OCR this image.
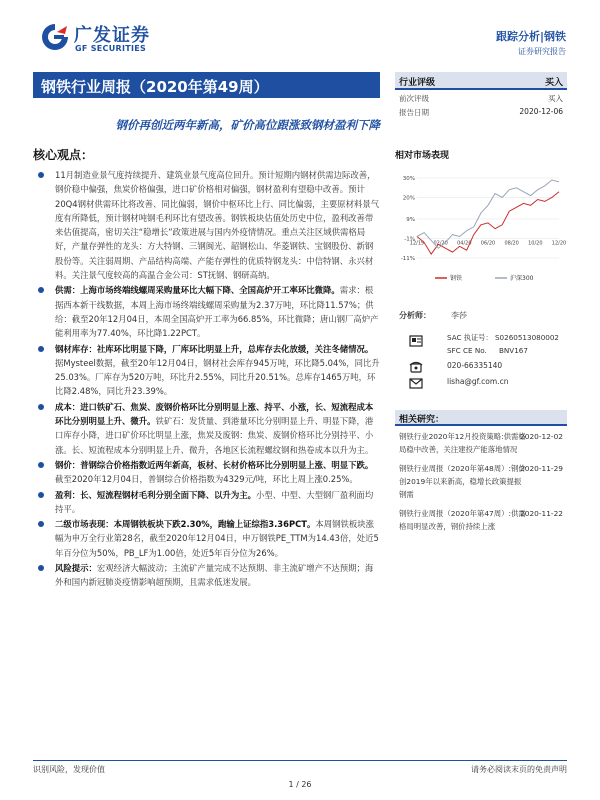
广发证券
GF SECURITIES
跟踪分析|钢铁
证券研究报告
钢铁行业周报（2020年第49周）
钢价再创近两年新高，矿价高位跟涨致钢材盈利下降
核心观点：
11月制造业景气度持续提升、建筑业景气度高位回升。预计短期内钢材供需边际改善，钢价稳中偏强，焦炭价格偏强，进口矿价格相对偏强，钢材盈利有望稳中改善。预计20Q4钢材供需环比将改善、同比偏弱，钢价中枢环比上行、同比偏弱，主要原材料景气度有所降低，预计钢材吨钢毛利环比有望改善。钢铁板块估值处历史中位，盈利改善带来估值提高，密切关注“稳增长”政策进展与国内外疫情情况。重点关注区域供需格局好，产量存弹性的龙头：方大特钢、三钢闽光、韶钢松山、华菱钢铁、宝钢股份、新钢股份等。关注弱周期、产品结构高端、产能存弹性的优质特钢龙头：中信特钢、永兴材料。关注景气度较高的高温合金公司：ST抚钢、钢研高纳。
供需：上海市场终端线螺周采购量环比大幅下降、全国高炉开工率环比微降。需求：根据西本新干线数据，本周上海市场终端线螺周采购量为2.37万吨，环比降11.57%；供给：截至20年12月04日，本周全国高炉开工率为66.85%，环比微降；唐山钢厂高炉产能利用率为77.40%，环比降1.22PCT。
钢材库存：社库环比明显下降，厂库环比明显上升，总库存去化放缓，关注冬储情况。据Mysteel数据，截至20年12月04日，钢材社会库存945万吨，环比降5.04%，同比升25.03%。厂库存为520万吨，环比升2.55%，同比升20.51%。总库存1465万吨，环比降2.48%，同比升23.39%。
成本：进口铁矿石、焦炭、废钢价格环比分别明显上涨、持平、小涨，长、短流程成本环比分别明显上升、微升。铁矿石：发货量、到港量环比分别明显上升、明显下降，港口库存小降，进口矿价环比明显上涨，焦炭及废钢：焦炭、废钢价格环比分别持平、小涨。长、短流程成本分别明显上升、微升，各地区长流程螺纹钢和热卷成本以升为主。
钢价：普钢综合价格指数近两年新高，板材、长材价格环比分别明显上涨、明显下跌。截至2020年12月04日，普钢综合价格指数为4329元/吨，环比上周上涨0.25%。
盈利：长、短流程钢材毛利分别全面下降、以升为主。小型、中型、大型钢厂盈利面均持平。
二级市场表现：本周钢铁板块下跌2.30%，跑输上证综指3.36PCT。本周钢铁板块涨幅为申万全行业第28名，截至2020年12月04日，申万钢铁PE_TTM为14.43倍，处近5年百分位为50%，PB_LF为1.00倍，处近5年百分位为26%。
风险提示：宏观经济大幅波动；主流矿产量完成不达预期、非主流矿增产不达预期；海外和国内新冠肺炎疫情影响超预期，且需求低迷发展。
行业评级	买入
前次评级	买入
报告日期	2020-12-06
相对市场表现
30%
20%
9%
-1%
-11%
12/19 02/20 04/20 06/20 08/20 10/20 12/20
钢铁	沪深300
分析师：	李莎
SAC 执证号： S0260513080002
SFC CE No. BNV167
020-66335140
lisha@gf.com.cn
相关研究：
钢铁行业2020年12月投资策略:供需格局稳中改善，关注建投产能落地情况
2020-12-02
钢铁行业周报（2020年第48周）:钢价创2019年以来新高，稳增长政策提振钢需
2020-11-29
钢铁行业周报（2020年第47周）:供需格局明显改善，钢价持续上涨
2020-11-22
识别风险，发现价值	请务必阅读末页的免责声明
1 / 26
